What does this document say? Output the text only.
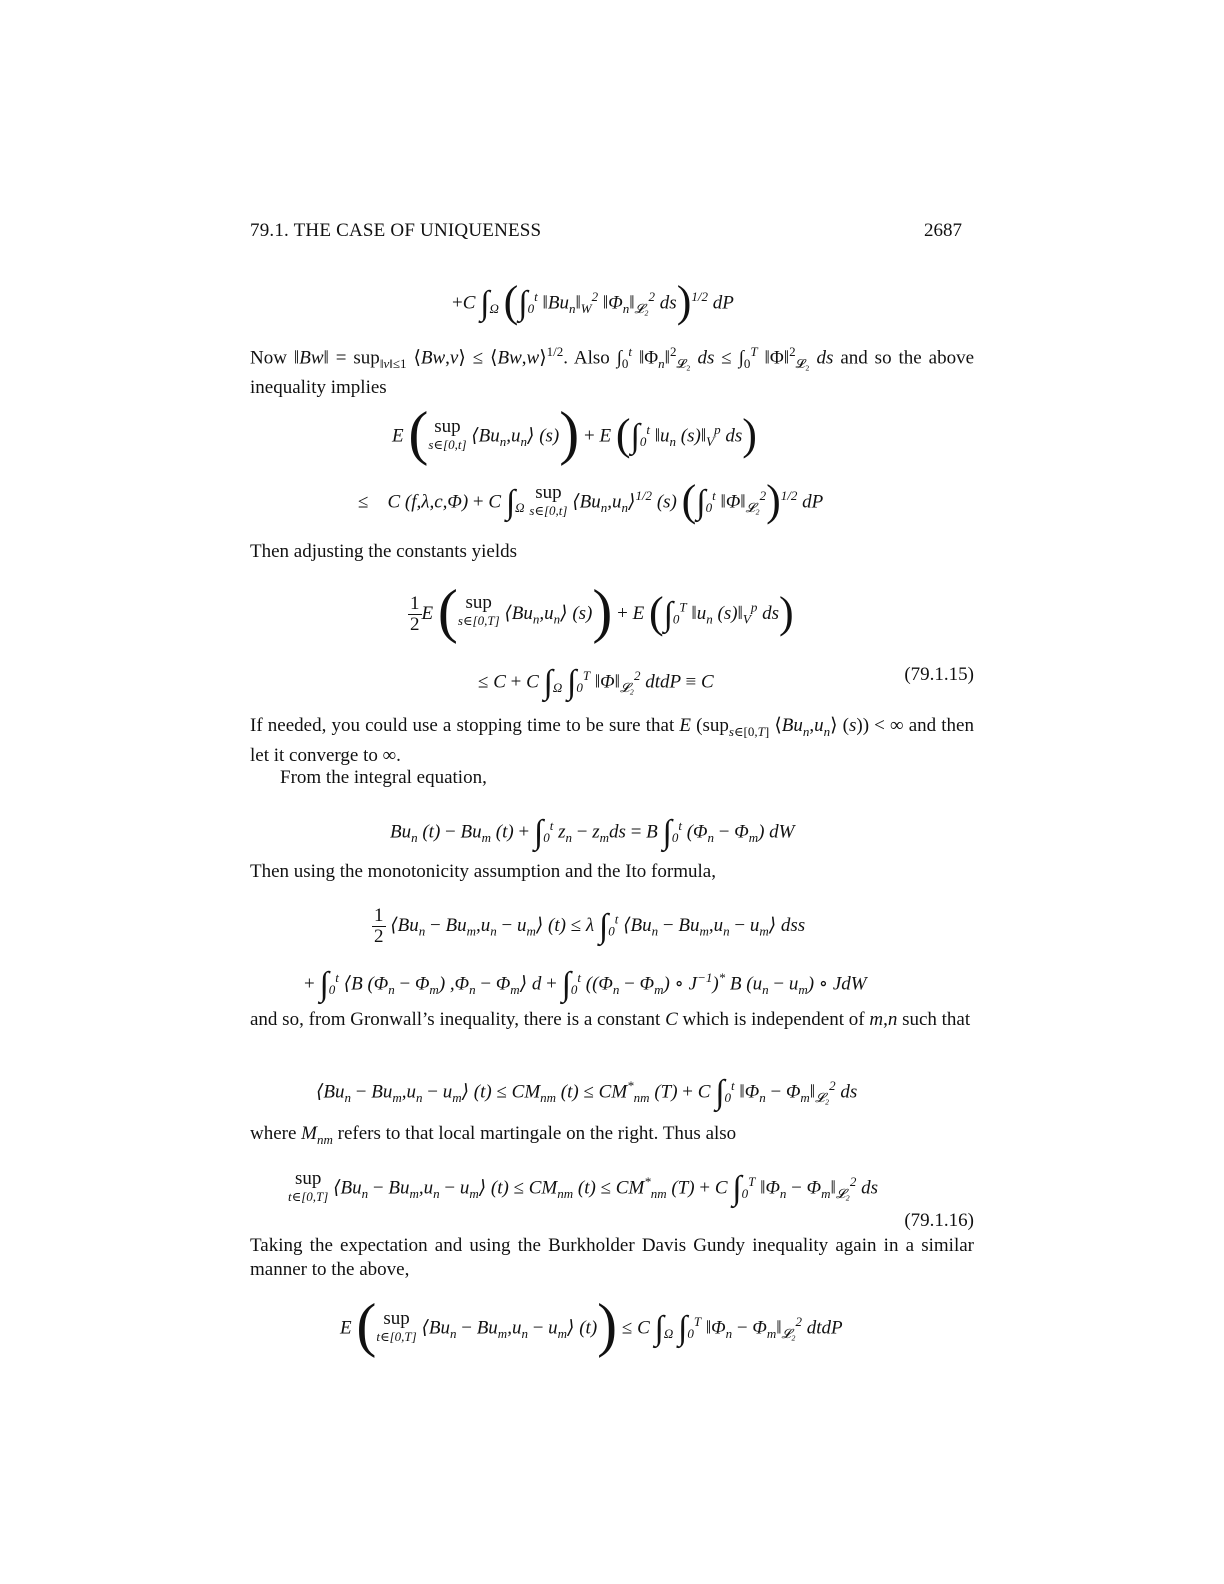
79.1. THE CASE OF UNIQUENESS	2687
+C $\int_\Omega$ ($\int_0^t$ $‖Bu_n‖_W^2$ $‖\Phi_n‖_{𝓛_2}^2$ ds)$^{1/2}$ dP
Now ‖Bw‖ = sup$_{‖v‖\le 1}$ ⟨Bw,v⟩ ≤ ⟨Bw,w⟩$^{1/2}$. Also $\int_0^t$ $‖\Phi_n‖^2_{𝓛_2}$ ds ≤ $\int_0^T$ ‖Φ‖$^2_{𝓛_2}$ ds and so the above inequality implies
E ( sup
s∈[0,t] $⟨Bu_n,u_n⟩$ (s)) + E ($\int_0^t$ $‖u_n$ $(s)‖_V^p$ ds)
≤    C (f,λ,c,Φ) + C $\int_\Omega$ sup
s∈[0,t] $⟨Bu_n,u_n⟩^{1/2}$ (s) ($\int_0^t$ $‖\Phi‖_{𝓛_2}^2)^{1/2}$ dP
Then adjusting the constants yields
$\frac{1}{2}$ E ( sup
s∈[0,T] $⟨Bu_n,u_n⟩$ (s)) + E ($\int_0^T$ $‖u_n$ $(s)‖_V^p$ ds)
≤ C + C $\int_\Omega$ $\int_0^T$ $‖\Phi‖_{𝓛_2}^2$ dtdP ≡ C	(79.1.15)
If needed, you could use a stopping time to be sure that E (sup$_{s\in[0,T]}$ $⟨Bu_n,u_n⟩$ (s)) < ∞ and then let it converge to ∞.
From the integral equation,
$Bu_n$ $(t) - Bu_m$ $(t) + \int_0^t$ $z_n - z_mds = B$ $\int_0^t$ $(\Phi_n - \Phi_m)$ dW
Then using the monotonicity assumption and the Ito formula,
$\frac{1}{2}$ $⟨Bu_n - Bu_m,u_n$ − $u_m⟩$ (t) ≤ λ $\int_0^t$ $⟨Bu_n - Bu_m,u_n$ − $u_m⟩$ dss
+ $\int_0^t$ ⟨B $(\Phi_n - \Phi_m) ,\Phi_n$ − $\Phi_m⟩$ $d + \int_0^t$ ($(\Phi_n - \Phi_m)$ ∘ $J^{-1})^*$ B $(u_n - u_m)$ ∘ JdW
and so, from Gronwall’s inequality, there is a constant C which is independent of m,n such that
$⟨Bu_n - Bu_m,u_n$ − $u_m⟩$ $(t) \le CM_{nm}$ $(t) \le CM^*_{nm}$ (T) + C $\int_0^t$ $‖\Phi_n$ − $\Phi_m‖_{𝓛_2}^2$ ds
where $M_{nm}$ refers to that local martingale on the right. Thus also
sup
t∈[0,T] $⟨Bu_n - Bu_m,u_n$ − $u_m⟩$ $(t) \le CM_{nm}$ $(t) \le CM^*_{nm}$ (T) + C $\int_0^T$ $‖\Phi_n$ − $\Phi_m‖_{𝓛_2}^2$ ds
(79.1.16)
Taking the expectation and using the Burkholder Davis Gundy inequality again in a similar manner to the above,
E ( sup
t∈[0,T] $⟨Bu_n - Bu_m,u_n$ − $u_m⟩$ (t)) ≤ C $\int_\Omega$ $\int_0^T$ $‖\Phi_n$ − $\Phi_m‖_{𝓛_2}^2$ dtdP
